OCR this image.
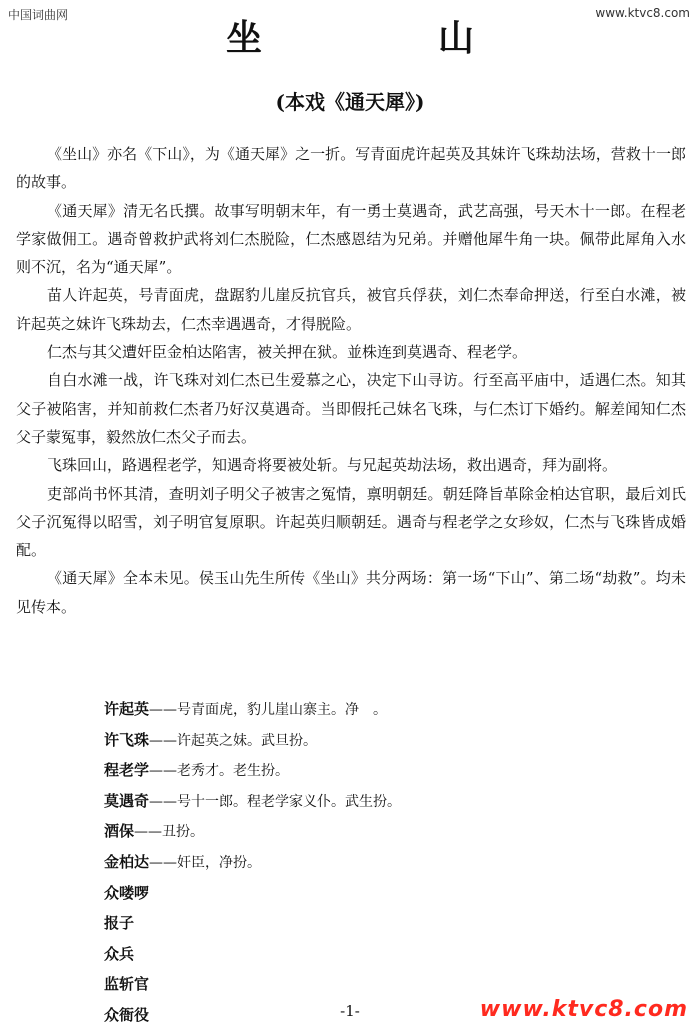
中国词曲网	www.ktvc8.com
坐　山
(本戏《通天犀》)

《坐山》亦名《下山》，为《通天犀》之一折。写青面虎许起英及其妹许飞珠劫法场，营救十一郎的故事。

《通天犀》清无名氏撰。故事写明朝末年，有一勇士莫遇奇，武艺高强，号天木十一郎。在程老学家做佣工。遇奇曾救护武将刘仁杰脱险，仁杰感恩结为兄弟。并赠他犀牛角一块。佩带此犀角入水则不沉，名为“通天犀”。

苗人许起英，号青面虎，盘踞豹儿崖反抗官兵，被官兵俘获，刘仁杰奉命押送，行至白水滩，被许起英之妹许飞珠劫去，仁杰幸遇遇奇，才得脱险。

仁杰与其父遭奸臣金柏达陷害，被关押在狱。並株连到莫遇奇、程老学。

自白水滩一战，许飞珠对刘仁杰已生爱慕之心，决定下山寻访。行至高平庙中，适遇仁杰。知其父子被陷害，并知前救仁杰者乃好汉莫遇奇。当即假托己妹名飞珠，与仁杰订下婚约。解差闻知仁杰父子蒙冤事，毅然放仁杰父子而去。

飞珠回山，路遇程老学，知遇奇将要被处斩。与兄起英劫法场，救出遇奇，拜为副将。

吏部尚书怀其清，查明刘子明父子被害之冤情，禀明朝廷。朝廷降旨革除金柏达官职，最后刘氏父子沉冤得以昭雪，刘子明官复原职。许起英归顺朝廷。遇奇与程老学之女珍奴，仁杰与飞珠皆成婚配。

《通天犀》全本未见。侯玉山先生所传《坐山》共分两场：第一场“下山”、第二场“劫救”。均未见传本。

许起英——号青面虎，豹儿崖山寨主。净　。
许飞珠——许起英之妹。武旦扮。
程老学——老秀才。老生扮。
莫遇奇——号十一郎。程老学家义仆。武生扮。
酒保——丑扮。
金柏达——奸臣，净扮。
众喽啰
报子
众兵
监斩官
众衙役	-1-	www.ktvc8.com
